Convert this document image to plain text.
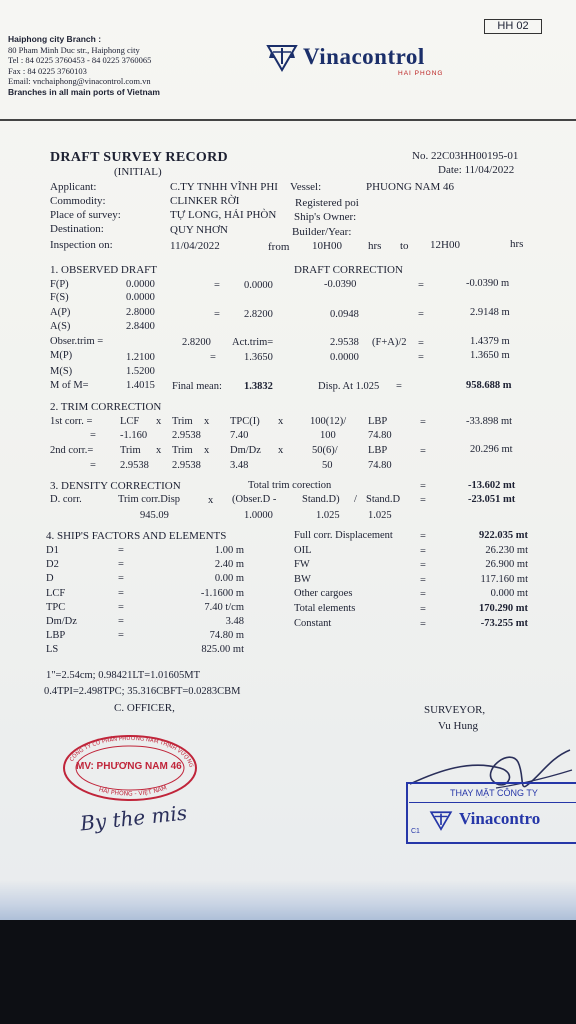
HH 02
Haiphong city Branch :
80 Pham Minh Duc str., Haiphong city
Tel : 84 0225 3760453 - 84 0225 3760065
Fax : 84 0225 3760103
Email: vnchaiphong@vinacontrol.com.vn
Branches in all main ports of Vietnam
Vinacontrol
HAI PHONG
DRAFT SURVEY RECORD
(INITIAL)
No. 22C03HH00195-01
Date: 11/04/2022
Applicant:	C.TY TNHH VĨNH PHI Vessel:	PHUONG NAM 46
Commodity:	CLINKER RỜI	Registered poi
Place of survey:	TỰ LONG, HẢI PHÒN Ship's Owner:
Destination:	QUY NHƠN	Builder/Year:
Inspection on:	11/04/2022	from 10H00 hrs to 12H00	hrs
1. OBSERVED DRAFT	DRAFT CORRECTION
F(P)	0.0000	= 0.0000	-0.0390	=	-0.0390 m
F(S)	0.0000
A(P)	2.8000	= 2.8200	0.0948	=	2.9148 m
A(S)	2.8400
Obser.trim =	2.8200 Act.trim=	2.9538 (F+A)/2 =	1.4379 m
M(P)	1.2100	=	1.3650	0.0000	=	1.3650 m
M(S)	1.5200
M of M=	1.4015 Final mean: 1.3832	Disp. At 1.025 =	958.688 m
2. TRIM CORRECTION
1st corr. =	LCF x Trim x TPC(I) x	100(12)/ LBP	=	-33.898 mt
= -1.160 2.9538	7.40	100	74.80
2nd corr.=	Trim x Trim x Dm/Dz x	50(6)/	LBP	=	20.296 mt
= 2.9538 2.9538	3.48	50	74.80
3. DENSITY CORRECTION	Total trim corection	=	-13.602 mt
D. corr.	Trim corr.Disp	x (Obser.D - Stand.D) / Stand.D =	-23.051 mt
945.09	1.0000	1.025	1.025
4. SHIP'S FACTORS AND ELEMENTS
D1	=	1.00 m
D2	=	2.40 m
D	=	0.00 m
LCF	=	-1.1600 m
TPC	=	7.40 t/cm
Dm/Dz	=	3.48
LBP	=	74.80 m
LS	825.00 mt
Full corr. Displacement	=	922.035 mt
OIL	=	26.230 mt
FW	=	26.900 mt
BW	=	117.160 mt
Other cargoes	=	0.000 mt
Total elements	=	170.290 mt
Constant	=	-73.255 mt
1"=2.54cm; 0.98421LT=1.01605MT
0.4TPI=2.498TPC; 35.316CBFT=0.0283CBM
C. OFFICER,	SURVEYOR,
Vu Hung
CÔNG TY CỔ PHẦN PHƯƠNG NAM THỊNH VƯỢNG
HẢI PHÒNG - VIỆT NAM
MV: PHƯƠNG NAM 46
By the mis
THAY MẶT CÔNG TY
Vinacontro
C1
